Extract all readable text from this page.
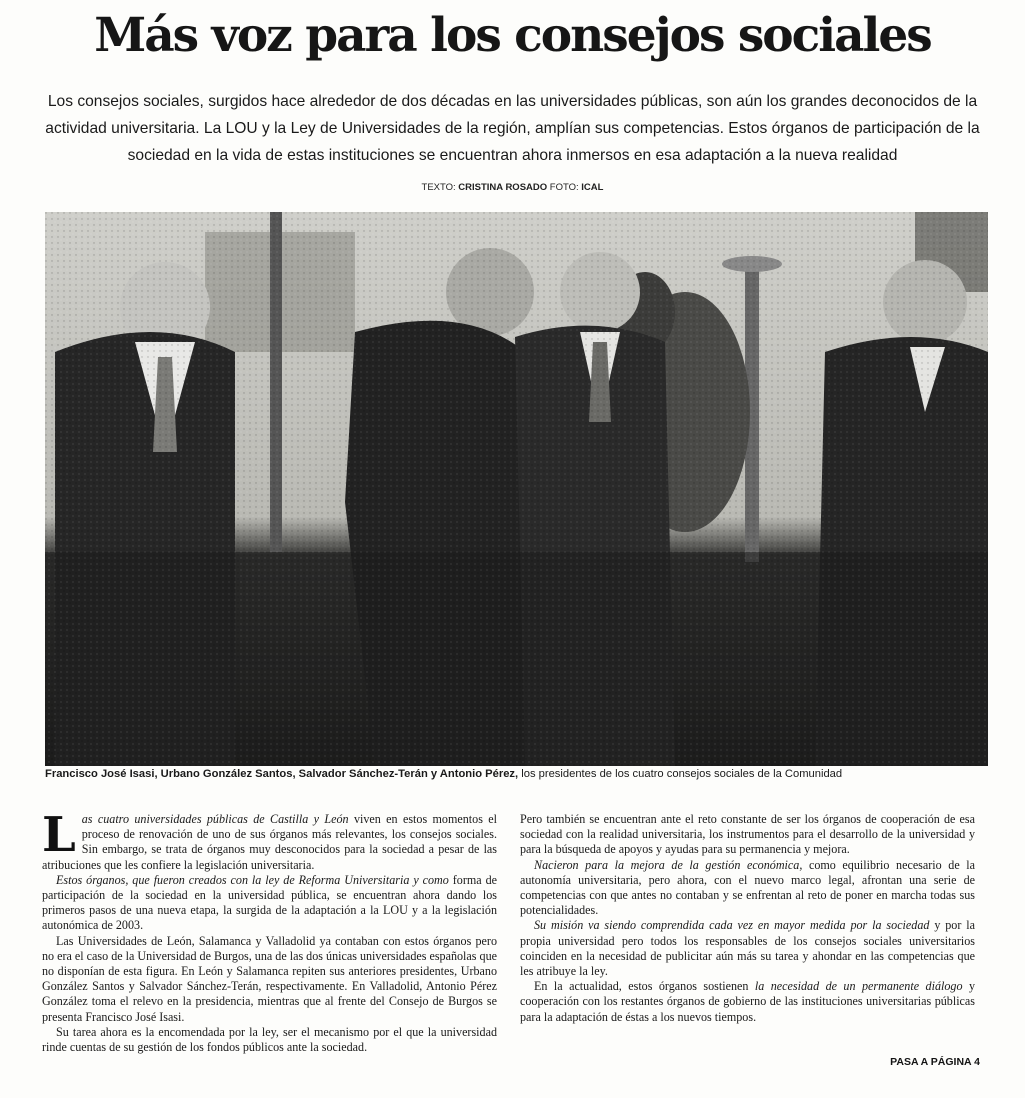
Más voz para los consejos sociales
Los consejos sociales, surgidos hace alrededor de dos décadas en las universidades públicas, son aún los grandes deconocidos de la actividad universitaria. La LOU y la Ley de Universidades de la región, amplían sus competencias. Estos órganos de participación de la sociedad en la vida de estas instituciones se encuentran ahora inmersos en esa adaptación a la nueva realidad
TEXTO: CRISTINA ROSADO FOTO: ICAL
Francisco José Isasi, Urbano González Santos, Salvador Sánchez-Terán y Antonio Pérez, los presidentes de los cuatro consejos sociales de la Comunidad

Las cuatro universidades públicas de Castilla y León viven en estos momentos el proceso de renovación de uno de sus órganos más relevantes, los consejos sociales. Sin embargo, se trata de órganos muy desconocidos para la sociedad a pesar de las atribuciones que les confiere la legislación universitaria.

Estos órganos, que fueron creados con la ley de Reforma Universitaria y como forma de participación de la sociedad en la universidad pública, se encuentran ahora dando los primeros pasos de una nueva etapa, la surgida de la adaptación a la LOU y a la legislación autonómica de 2003.

Las Universidades de León, Salamanca y Valladolid ya contaban con estos órganos pero no era el caso de la Universidad de Burgos, una de las dos únicas universidades españolas que no disponían de esta figura. En León y Salamanca repiten sus anteriores presidentes, Urbano González Santos y Salvador Sánchez-Terán, respectivamente. En Valladolid, Antonio Pérez González toma el relevo en la presidencia, mientras que al frente del Consejo de Burgos se presenta Francisco José Isasi.

Su tarea ahora es la encomendada por la ley, ser el mecanismo por el que la universidad rinde cuentas de su gestión de los fondos públicos ante la sociedad.

Pero también se encuentran ante el reto constante de ser los órganos de cooperación de esa sociedad con la realidad universitaria, los instrumentos para el desarrollo de la universidad y para la búsqueda de apoyos y ayudas para su permanencia y mejora.

Nacieron para la mejora de la gestión económica, como equilibrio necesario de la autonomía universitaria, pero ahora, con el nuevo marco legal, afrontan una serie de competencias con que antes no contaban y se enfrentan al reto de poner en marcha todas sus potencialidades.

Su misión va siendo comprendida cada vez en mayor medida por la sociedad y por la propia universidad pero todos los responsables de los consejos sociales universitarios coinciden en la necesidad de publicitar aún más su tarea y ahondar en las competencias que les atribuye la ley.

En la actualidad, estos órganos sostienen la necesidad de un permanente diálogo y cooperación con los restantes órganos de gobierno de las instituciones universitarias públicas para la adaptación de éstas a los nuevos tiempos.

PASA A PÁGINA 4
